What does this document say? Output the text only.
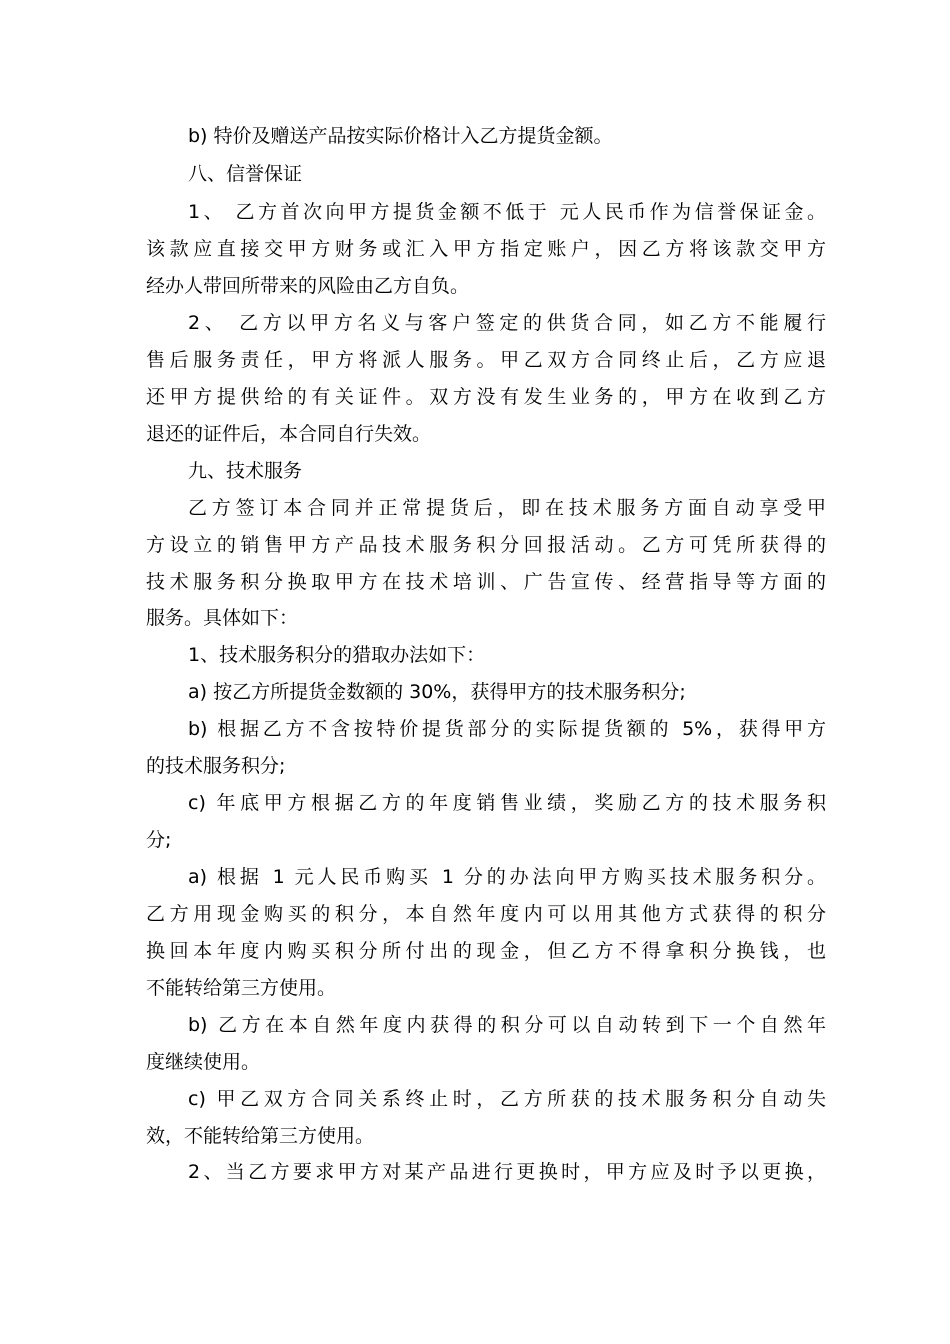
b) 特价及赠送产品按实际价格计入乙方提货金额。
八、信誉保证
1、 乙方首次向甲方提货金额不低于 元人民币作为信誉保证金。
该款应直接交甲方财务或汇入甲方指定账户，因乙方将该款交甲方
经办人带回所带来的风险由乙方自负。
2、 乙方以甲方名义与客户签定的供货合同，如乙方不能履行
售后服务责任，甲方将派人服务。甲乙双方合同终止后，乙方应退
还甲方提供给的有关证件。双方没有发生业务的，甲方在收到乙方
退还的证件后，本合同自行失效。
九、技术服务
乙方签订本合同并正常提货后，即在技术服务方面自动享受甲
方设立的销售甲方产品技术服务积分回报活动。乙方可凭所获得的
技术服务积分换取甲方在技术培训、广告宣传、经营指导等方面的
服务。具体如下：
1、技术服务积分的猎取办法如下：
a) 按乙方所提货金数额的 30%，获得甲方的技术服务积分;
b) 根据乙方不含按特价提货部分的实际提货额的 5%，获得甲方
的技术服务积分;
c) 年底甲方根据乙方的年度销售业绩，奖励乙方的技术服务积
分;
a) 根据 1 元人民币购买 1 分的办法向甲方购买技术服务积分。
乙方用现金购买的积分，本自然年度内可以用其他方式获得的积分
换回本年度内购买积分所付出的现金，但乙方不得拿积分换钱，也
不能转给第三方使用。
b) 乙方在本自然年度内获得的积分可以自动转到下一个自然年
度继续使用。
c) 甲乙双方合同关系终止时，乙方所获的技术服务积分自动失
效，不能转给第三方使用。
2、当乙方要求甲方对某产品进行更换时，甲方应及时予以更换，
